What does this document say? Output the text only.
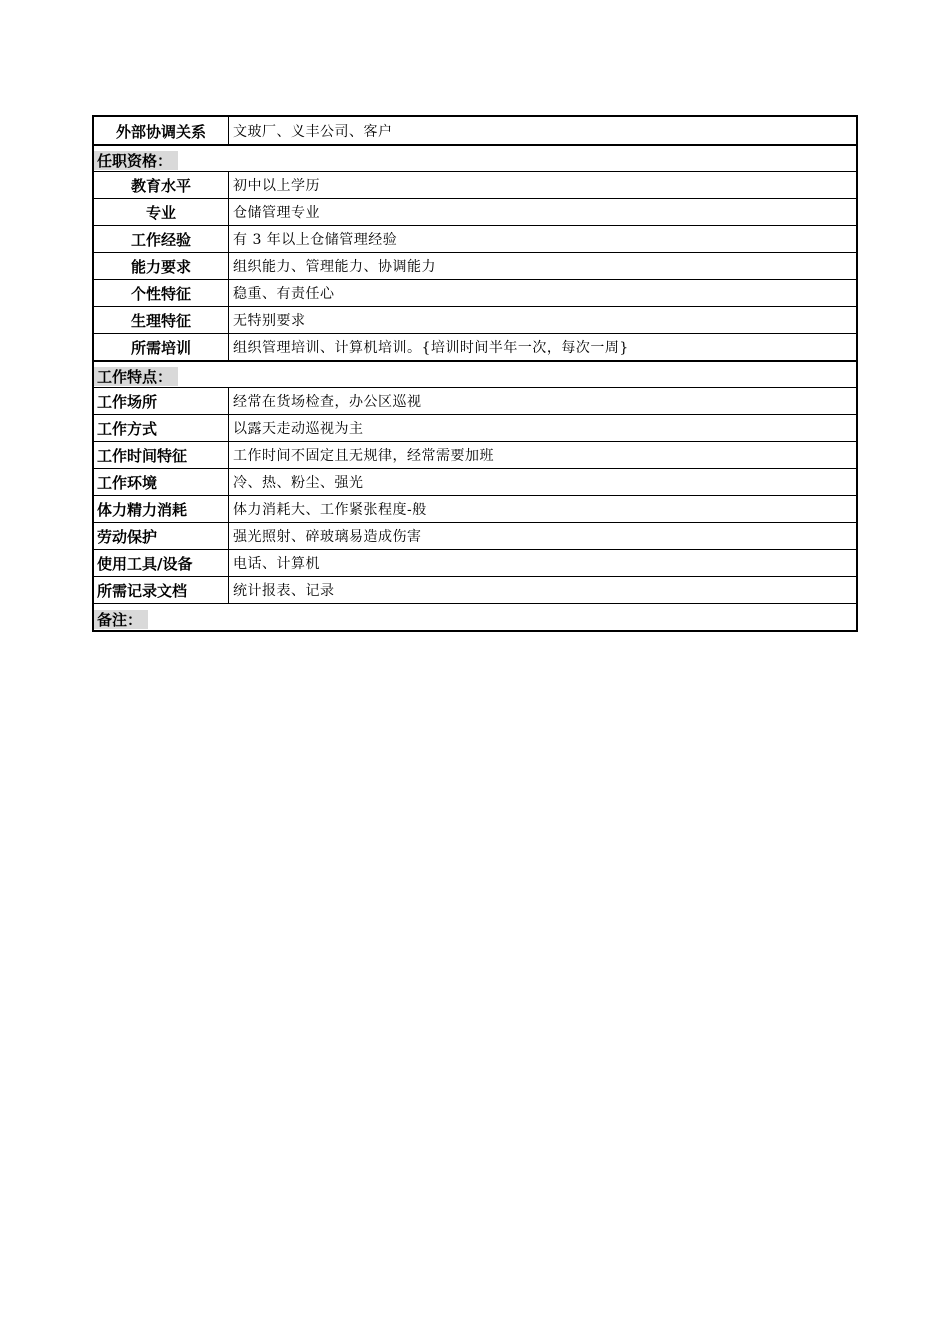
外部协调关系	文玻厂、义丰公司、客户
任职资格：
教育水平	初中以上学历
专业	仓储管理专业
工作经验	有 3 年以上仓储管理经验
能力要求	组织能力、管理能力、协调能力
个性特征	稳重、有责任心
生理特征	无特别要求
所需培训	组织管理培训、计算机培训。{培训时间半年一次，每次一周}
工作特点：
工作场所	经常在货场检查，办公区巡视
工作方式	以露天走动巡视为主
工作时间特征	工作时间不固定且无规律，经常需要加班
工作环境	冷、热、粉尘、强光
体力精力消耗	体力消耗大、工作紧张程度-般
劳动保护	强光照射、碎玻璃易造成伤害
使用工具/设备	电话、计算机
所需记录文档	统计报表、记录
备注：
